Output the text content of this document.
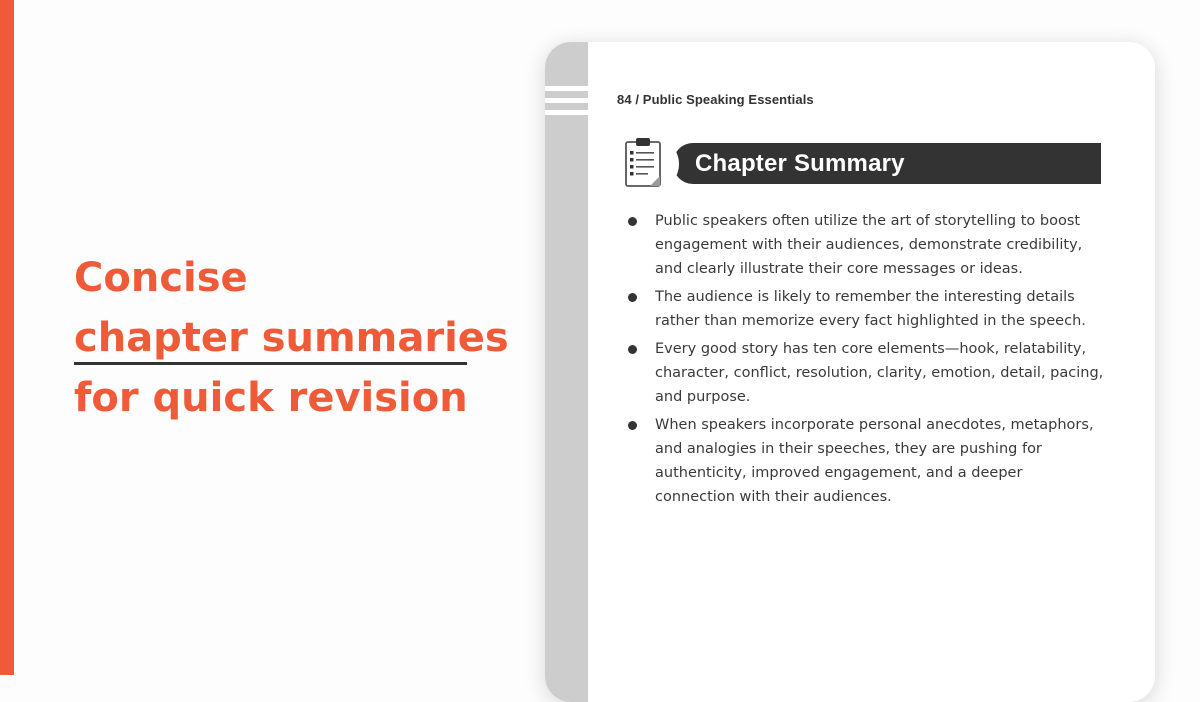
Concise
chapter summaries
for quick revision
84 / Public Speaking Essentials
Chapter Summary
Public speakers often utilize the art of storytelling to boost engagement with their audiences, demonstrate credibility, and clearly illustrate their core messages or ideas.
The audience is likely to remember the interesting details rather than memorize every fact highlighted in the speech.
Every good story has ten core elements—hook, relatability, character, conflict, resolution, clarity, emotion, detail, pacing, and purpose.
When speakers incorporate personal anecdotes, metaphors, and analogies in their speeches, they are pushing for authenticity, improved engagement, and a deeper connection with their audiences.
